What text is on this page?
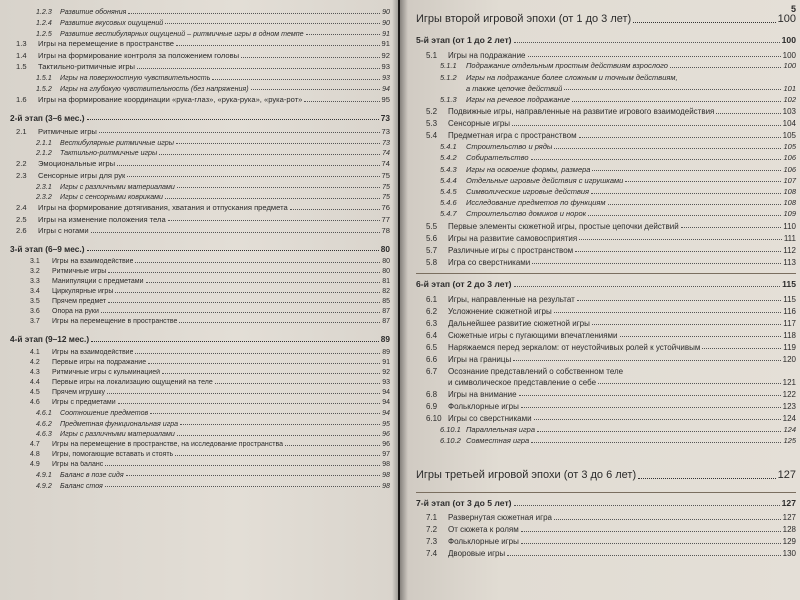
1.2.3	Развитие обоняния	90
1.2.4	Развитие вкусовых ощущений	90
1.2.5	Развитие вестибулярных ощущений – ритмичные игры в одном темпе	91
1.3	Игры на перемещение в пространстве	91
1.4	Игры на формирование контроля за положением головы	92
1.5	Тактильно-ритмичные игры	93
1.5.1	Игры на поверхностную чувствительность	93
1.5.2	Игры на глубокую чувствительность (без напряжения)	94
1.6	Игры на формирование координации «рука-глаз», «рука-рука», «рука-рот»	95
2-й этап (3–6 мес.)	73
2.1	Ритмичные игры	73
2.1.1	Вестибулярные ритмичные игры	73
2.1.2	Тактильно-ритмичные игры	74
2.2	Эмоциональные игры	74
2.3	Сенсорные игры для рук	75
2.3.1	Игры с различными материалами	75
2.3.2	Игры с сенсорными ковриками	75
2.4	Игры на формирование дотягивания, хватания и отпускания предмета	76
2.5	Игры на изменение положения тела	77
2.6	Игры с ногами	78
3-й этап (6–9 мес.)	80
3.1	Игры на взаимодействие	80
3.2	Ритмичные игры	80
3.3	Манипуляции с предметами	81
3.4	Циркулярные игры	82
3.5	Прячем предмет	85
3.6	Опора на руки	87
3.7	Игры на перемещение в пространстве	87
4-й этап (9–12 мес.)	89
4.1	Игры на взаимодействие	89
4.2	Первые игры на подражание	91
4.3	Ритмичные игры с кульминацией	92
4.4	Первые игры на локализацию ощущений на теле	93
4.5	Прячем игрушку	94
4.6	Игры с предметами	94
4.6.1	Соотношение предметов	94
4.6.2	Предметная функциональная игра	95
4.6.3	Игры с различными материалами	96
4.7	Игры на перемещение в пространстве, на исследование пространства	96
4.8	Игры, помогающие вставать и стоять	97
4.9	Игры на баланс	98
4.9.1	Баланс в позе сидя	98
4.9.2	Баланс стоя	98
5
Игры второй игровой эпохи (от 1 до 3 лет)	100
5-й этап (от 1 до 2 лет)	100
5.1	Игры на подражание	100
5.1.1	Подражание отдельным простым действиям взрослого	100
5.1.2	Игры на подражание более сложным и точным действиям,
а также цепочке действий	101
5.1.3	Игры на речевое подражание	102
5.2	Подвижные игры, направленные на развитие игрового взаимодействия	103
5.3	Сенсорные игры	104
5.4	Предметная игра с пространством	105
5.4.1	Строительство и ряды	105
5.4.2	Собирательство	106
5.4.3	Игры на освоение формы, размера	106
5.4.4	Отдельные игровые действия с игрушками	107
5.4.5	Символические игровые действия	108
5.4.6	Исследование предметов по функциям	108
5.4.7	Строительство домиков и норок	109
5.5	Первые элементы сюжетной игры, простые цепочки действий	110
5.6	Игры на развитие самовосприятия	111
5.7	Различные игры с пространством	112
5.8	Игра со сверстниками	113
6-й этап (от 2 до 3 лет)	115
6.1	Игры, направленные на результат	115
6.2	Усложнение сюжетной игры	116
6.3	Дальнейшее развитие сюжетной игры	117
6.4	Сюжетные игры с пугающими впечатлениями	118
6.5	Наряжаемся перед зеркалом: от неустойчивых ролей к устойчивым	119
6.6	Игры на границы	120
6.7	Осознание представлений о собственном теле
и символическое представление о себе	121
6.8	Игры на внимание	122
6.9	Фольклорные игры	123
6.10 Игры со сверстниками	124
6.10.1 Параллельная игра	124
6.10.2 Совместная игра	125
Игры третьей игровой эпохи (от 3 до 6 лет)	127
7-й этап (от 3 до 5 лет)	127
7.1	Развернутая сюжетная игра	127
7.2	От сюжета к ролям	128
7.3	Фольклорные игры	129
7.4	Дворовые игры	130
